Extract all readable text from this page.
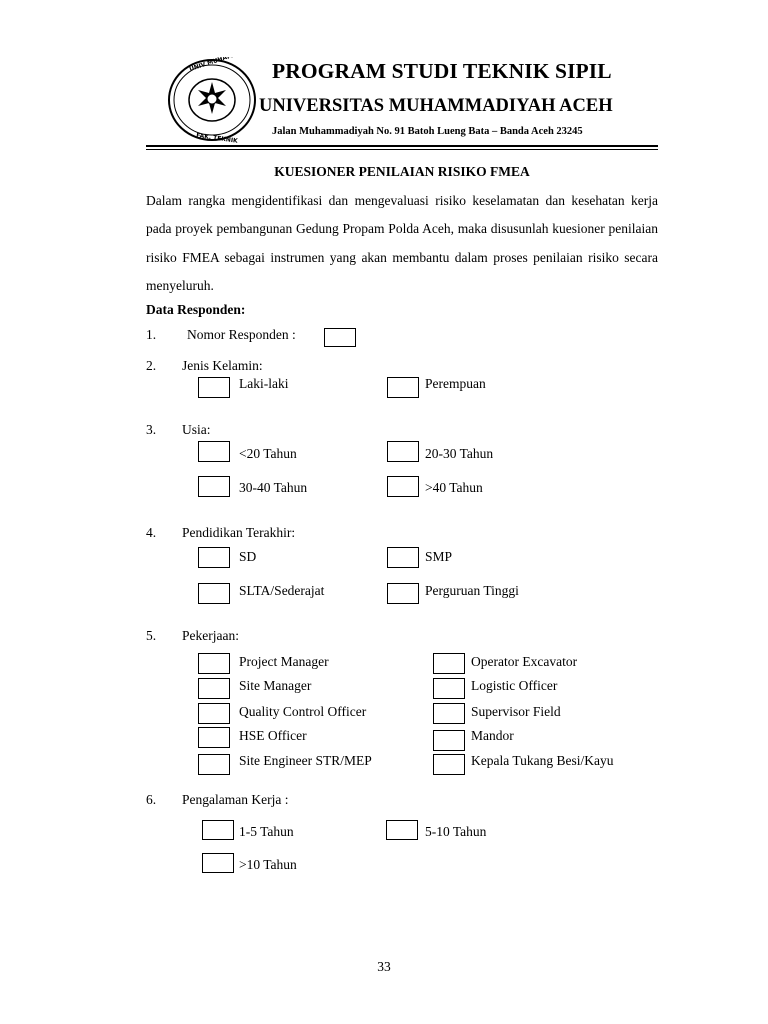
UNIV MUHAMMADIYAH
FAK. TEKNIK
PROGRAM STUDI TEKNIK SIPIL
UNIVERSITAS MUHAMMADIYAH ACEH
Jalan Muhammadiyah No. 91 Batoh Lueng Bata – Banda Aceh 23245
KUESIONER PENILAIAN RISIKO FMEA
Dalam rangka mengidentifikasi dan mengevaluasi risiko keselamatan dan kesehatan kerja pada proyek pembangunan Gedung Propam Polda Aceh, maka disusunlah kuesioner penilaian risiko FMEA sebagai instrumen yang akan membantu dalam proses penilaian risiko secara menyeluruh.
Data Responden:
1. Nomor Responden :
2. Jenis Kelamin:
Laki-laki	Perempuan
3. Usia:
<20 Tahun	20-30 Tahun
30-40 Tahun	>40 Tahun
4. Pendidikan Terakhir:
SD	SMP
SLTA/Sederajat	Perguruan Tinggi
5. Pekerjaan:
Project Manager	Operator Excavator
Site Manager	Logistic Officer
Quality Control Officer	Supervisor Field
HSE Officer	Mandor
Site Engineer STR/MEP	Kepala Tukang Besi/Kayu
6. Pengalaman Kerja :
1-5 Tahun	5-10 Tahun
>10 Tahun
33
